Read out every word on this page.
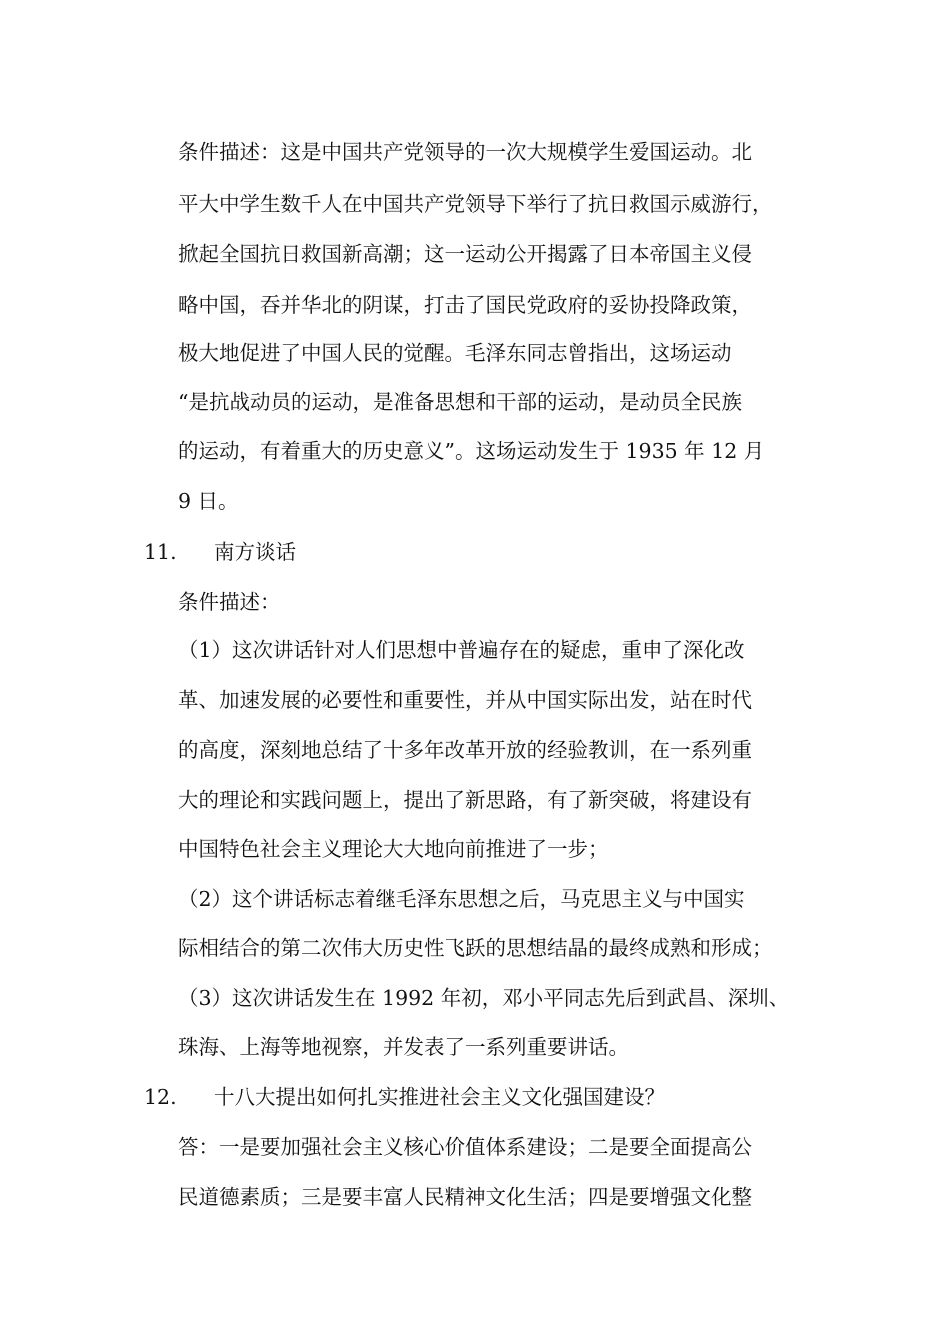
条件描述：这是中国共产党领导的一次大规模学生爱国运动。北
平大中学生数千人在中国共产党领导下举行了抗日救国示威游行，
掀起全国抗日救国新高潮；这一运动公开揭露了日本帝国主义侵
略中国，吞并华北的阴谋，打击了国民党政府的妥协投降政策，
极大地促进了中国人民的觉醒。毛泽东同志曾指出，这场运动
“是抗战动员的运动，是准备思想和干部的运动，是动员全民族
的运动，有着重大的历史意义”。这场运动发生于 1935 年 12 月
9 日。
11. 南方谈话
条件描述：
（1）这次讲话针对人们思想中普遍存在的疑虑，重申了深化改
革、加速发展的必要性和重要性，并从中国实际出发，站在时代
的高度，深刻地总结了十多年改革开放的经验教训，在一系列重
大的理论和实践问题上，提出了新思路，有了新突破，将建设有
中国特色社会主义理论大大地向前推进了一步；
（2）这个讲话标志着继毛泽东思想之后，马克思主义与中国实
际相结合的第二次伟大历史性飞跃的思想结晶的最终成熟和形成；
（3）这次讲话发生在 1992 年初，邓小平同志先后到武昌、深圳、
珠海、上海等地视察，并发表了一系列重要讲话。
12. 十八大提出如何扎实推进社会主义文化强国建设？
答：一是要加强社会主义核心价值体系建设；二是要全面提高公
民道德素质；三是要丰富人民精神文化生活；四是要增强文化整
